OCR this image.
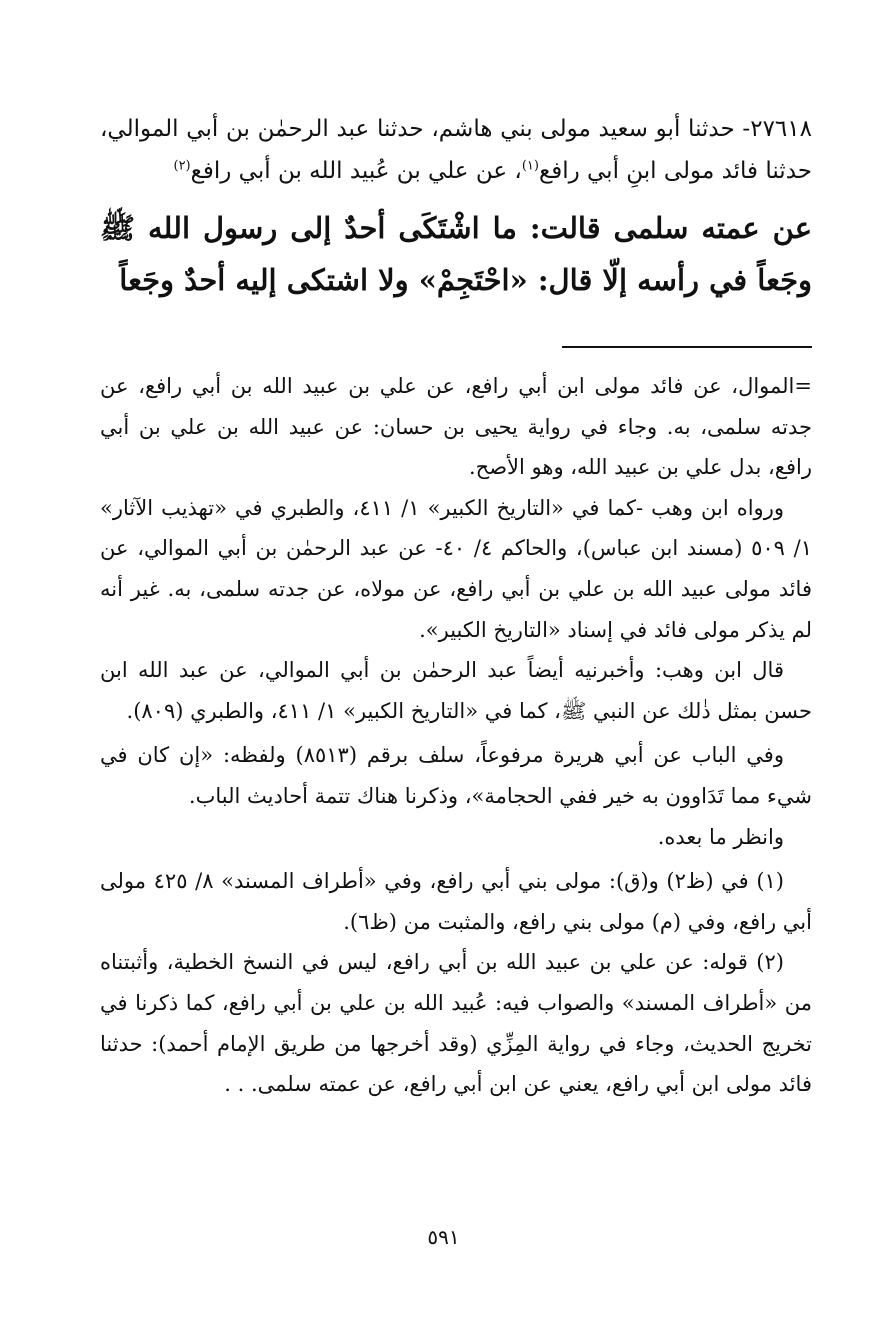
٢٧٦١٨- حدثنا أبو سعيد مولى بني هاشم، حدثنا عبد الرحمٰن بن أبي الموالي، حدثنا فائد مولى ابنِ أبي رافع$^{(١)}$، عن علي بن عُبيد الله بن أبي رافع$^{(٢)}$

عن عمته سلمى قالت: ما اشْتَكَى أحدٌ إلى رسول الله ﷺ وجَعاً في رأسه إلّا قال: «احْتَجِمْ» ولا اشتكى إليه أحدٌ وجَعاً

=الموال، عن فائد مولى ابن أبي رافع، عن علي بن عبيد الله بن أبي رافع، عن جدته سلمى، به. وجاء في رواية يحيى بن حسان: عن عبيد الله بن علي بن أبي رافع، بدل علي بن عبيد الله، وهو الأصح.

ورواه ابن وهب -كما في «التاريخ الكبير» ١/ ٤١١، والطبري في «تهذيب الآثار» ١/ ٥٠٩ (مسند ابن عباس)، والحاكم ٤/ ٤٠- عن عبد الرحمٰن بن أبي الموالي، عن فائد مولى عبيد الله بن علي بن أبي رافع، عن مولاه، عن جدته سلمى، به. غير أنه لم يذكر مولى فائد في إسناد «التاريخ الكبير».

قال ابن وهب: وأخبرنيه أيضاً عبد الرحمٰن بن أبي الموالي، عن عبد الله ابن حسن بمثل ذٰلك عن النبي ﷺ، كما في «التاريخ الكبير» ١/ ٤١١، والطبري (٨٠٩).

وفي الباب عن أبي هريرة مرفوعاً، سلف برقم (٨٥١٣) ولفظه: «إن كان في شيء مما تَدَاوون به خير ففي الحجامة»، وذكرنا هناك تتمة أحاديث الباب.

وانظر ما بعده.

(١) في (ظ٢) و(ق): مولى بني أبي رافع، وفي «أطراف المسند» ٨/ ٤٢٥ مولى أبي رافع، وفي (م) مولى بني رافع، والمثبت من (ظ٦).

(٢) قوله: عن علي بن عبيد الله بن أبي رافع، ليس في النسخ الخطية، وأثبتناه من «أطراف المسند» والصواب فيه: عُبيد الله بن علي بن أبي رافع، كما ذكرنا في تخريج الحديث، وجاء في رواية المِزِّي (وقد أخرجها من طريق الإمام أحمد): حدثنا فائد مولى ابن أبي رافع، يعني عن ابن أبي رافع، عن عمته سلمى. . .

٥٩١
